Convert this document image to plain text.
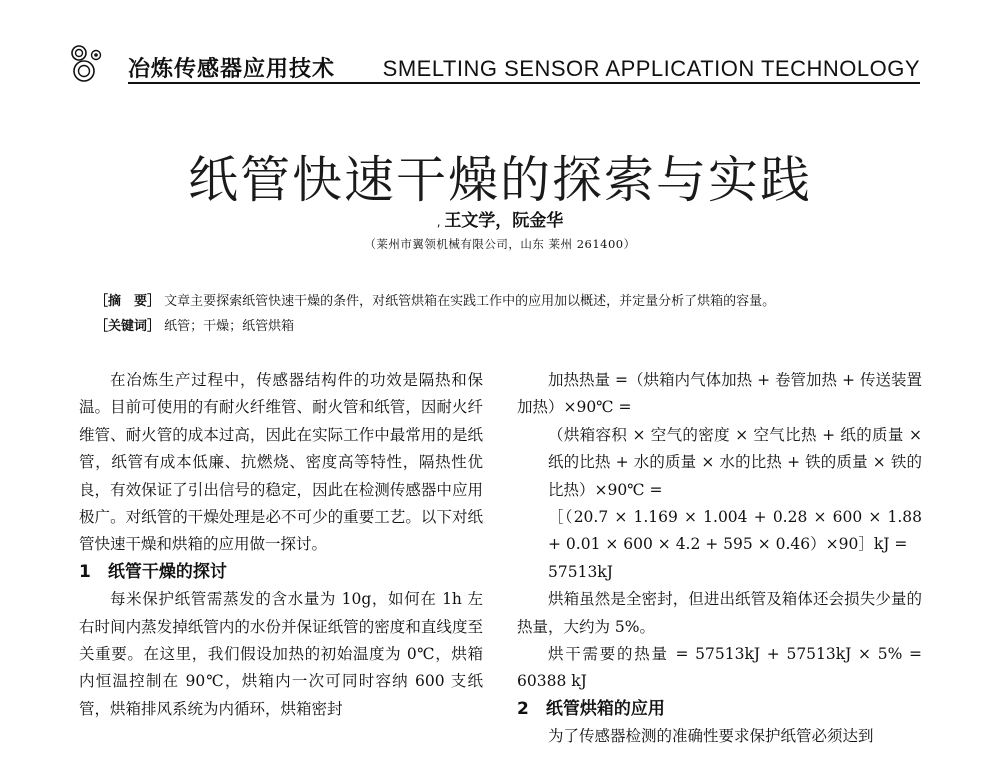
冶炼传感器应用技术 SMELTING SENSOR APPLICATION TECHNOLOGY
纸管快速干燥的探索与实践
‚ 王文学，阮金华
（莱州市翼领机械有限公司，山东 莱州 261400）
［摘　要］ 文章主要探索纸管快速干燥的条件，对纸管烘箱在实践工作中的应用加以概述，并定量分析了烘箱的容量。
［关键词］ 纸管；干燥；纸管烘箱

在冶炼生产过程中，传感器结构件的功效是隔热和保温。目前可使用的有耐火纤维管、耐火管和纸管，因耐火纤维管、耐火管的成本过高，因此在实际工作中最常用的是纸管，纸管有成本低廉、抗燃烧、密度高等特性，隔热性优良，有效保证了引出信号的稳定，因此在检测传感器中应用极广。对纸管的干燥处理是必不可少的重要工艺。以下对纸管快速干燥和烘箱的应用做一探讨。

1　纸管干燥的探讨

每米保护纸管需蒸发的含水量为 10g，如何在 1h 左右时间内蒸发掉纸管内的水份并保证纸管的密度和直线度至关重要。在这里，我们假设加热的初始温度为 0℃，烘箱内恒温控制在 90℃，烘箱内一次可同时容纳 600 支纸管，烘箱排风系统为内循环，烘箱密封

加热热量 =（烘箱内气体加热 + 卷管加热 + 传送装置加热）×90℃ =

（烘箱容积 × 空气的密度 × 空气比热 + 纸的质量 × 纸的比热 + 水的质量 × 水的比热 + 铁的质量 × 铁的比热）×90℃ =

［（20.7 × 1.169 × 1.004 + 0.28 × 600 × 1.88 + 0.01 × 600 × 4.2 + 595 × 0.46）×90］kJ =

57513kJ

烘箱虽然是全密封，但进出纸管及箱体还会损失少量的热量，大约为 5%。

烘干需要的热量 = 57513kJ + 57513kJ × 5% = 60388 kJ

2　纸管烘箱的应用

为了传感器检测的准确性要求保护纸管必须达到
